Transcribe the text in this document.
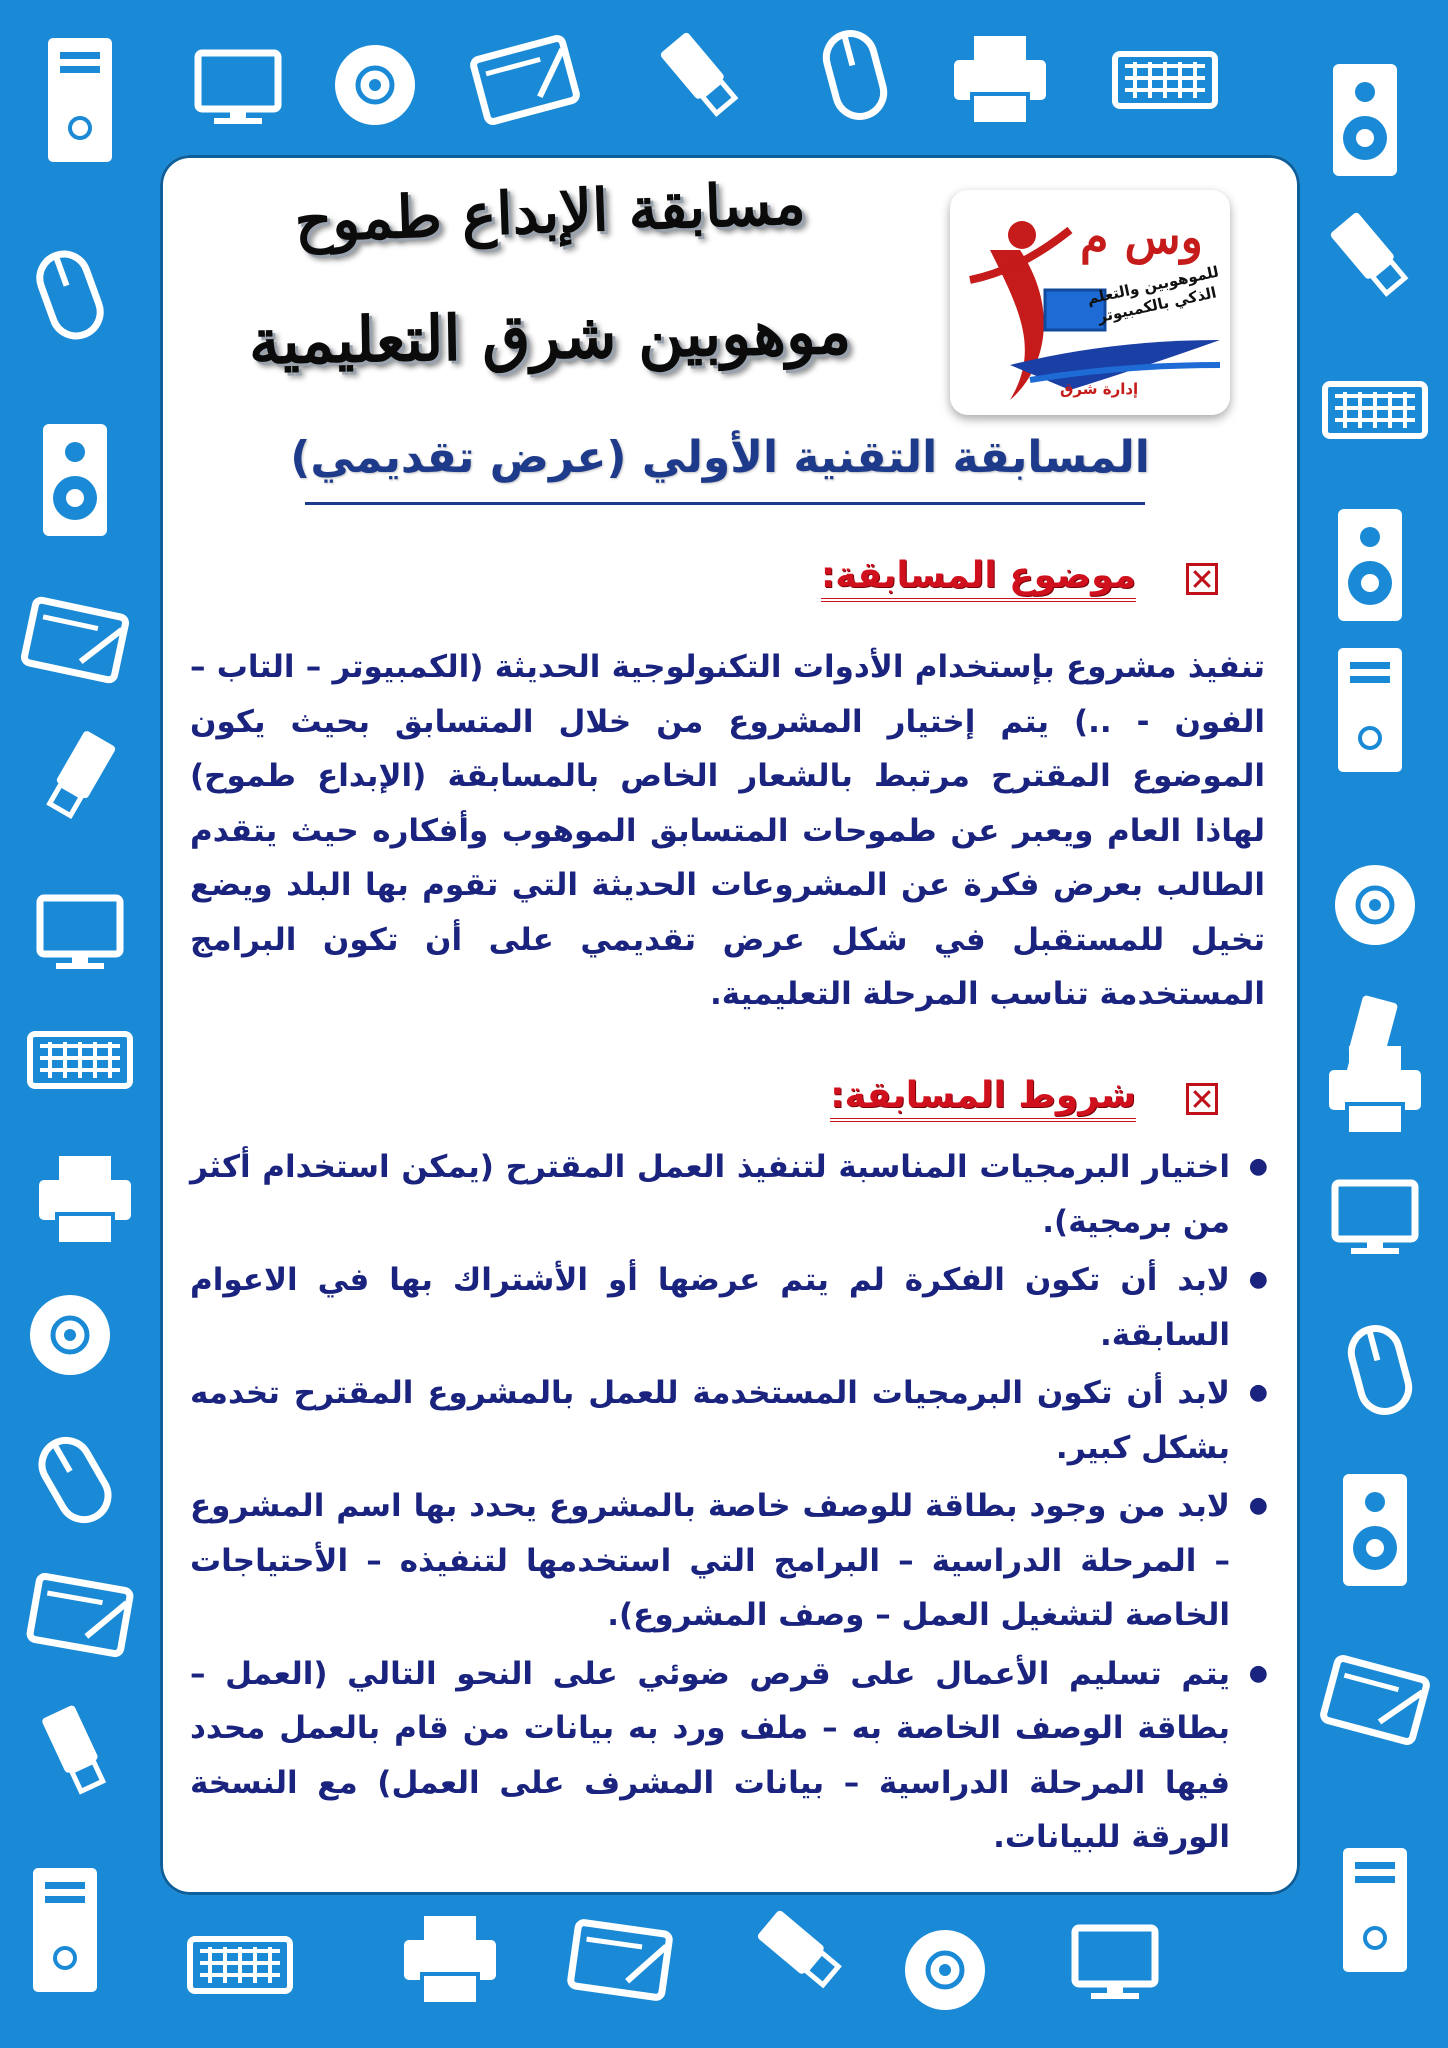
وس م
للموهوبين والتعلم الذكي بالكمبيوتر
إدارة شرق
مسابقة الإبداع طموح
موهوبين شرق التعليمية
المسابقة التقنية الأولي (عرض تقديمي)
موضوع المسابقة:
تنفيذ مشروع بإستخدام الأدوات التكنولوجية الحديثة (الكمبيوتر – التاب – الفون - ..) يتم إختيار المشروع من خلال المتسابق بحيث يكون الموضوع المقترح مرتبط بالشعار الخاص بالمسابقة (الإبداع طموح) لهاذا العام ويعبر عن طموحات المتسابق الموهوب وأفكاره حيث يتقدم الطالب بعرض فكرة عن المشروعات الحديثة التي تقوم بها البلد ويضع تخيل للمستقبل في شكل عرض تقديمي على أن تكون البرامج المستخدمة تناسب المرحلة التعليمية.
شروط المسابقة:
● اختيار البرمجيات المناسبة لتنفيذ العمل المقترح (يمكن استخدام أكثر من برمجية).
● لابد أن تكون الفكرة لم يتم عرضها أو الأشتراك بها في الاعوام السابقة.
● لابد أن تكون البرمجيات المستخدمة للعمل بالمشروع المقترح تخدمه بشكل كبير.
● لابد من وجود بطاقة للوصف خاصة بالمشروع يحدد بها اسم المشروع – المرحلة الدراسية – البرامج التي استخدمها لتنفيذه – الأحتياجات الخاصة لتشغيل العمل – وصف المشروع).
● يتم تسليم الأعمال على قرص ضوئي على النحو التالي (العمل – بطاقة الوصف الخاصة به – ملف ورد به بيانات من قام بالعمل محدد فيها المرحلة الدراسية – بيانات المشرف على العمل) مع النسخة الورقة للبيانات.
